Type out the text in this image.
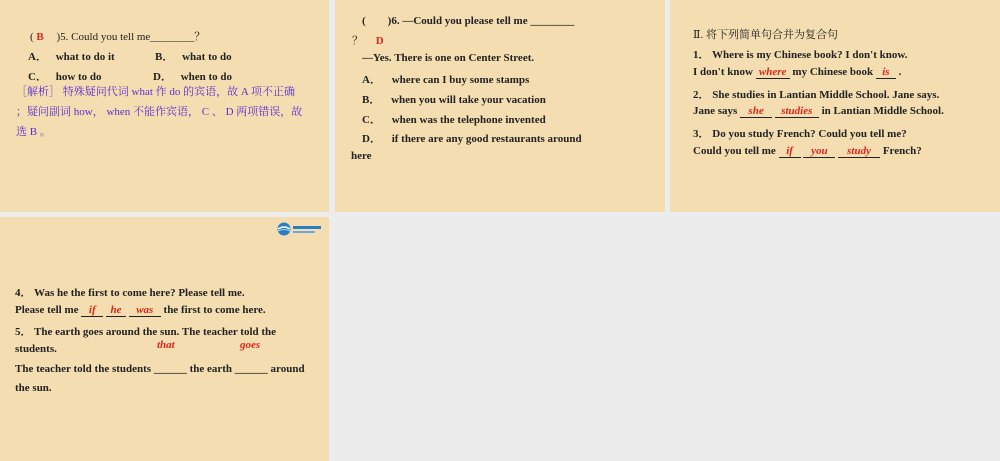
( B )5. Could you tell me________？
A． what to do it	B． what to do
C． how to do	D． when to do
［解析］ 特殊疑问代词 what 作 do 的宾语，故 A 项不正确
；疑问副词 how， when 不能作宾语， C 、 D 两项错误，故
选 B 。
(　　)6. —Could you please tell me ________
？ D
—Yes. There is one on Center Street.
A． where can I buy some stamps
B． when you will take your vacation
C． when was the telephone invented
D． if there are any good restaurants around
here
Ⅱ. 将下列简单句合并为复合句
1． Where is my Chinese book? I don't know.
I don't know where my Chinese book is .
2． She studies in Lantian Middle School. Jane says.
Jane says she studies in Lantian Middle School.
3． Do you study French? Could you tell me?
Could you tell me if you study French?
4． Was he the first to come here? Please tell me.
Please tell me if he was the first to come here.
5． The earth goes around the sun. The teacher told the
students.	that	goes
The teacher told the students ______ the earth ______ around
the sun.
